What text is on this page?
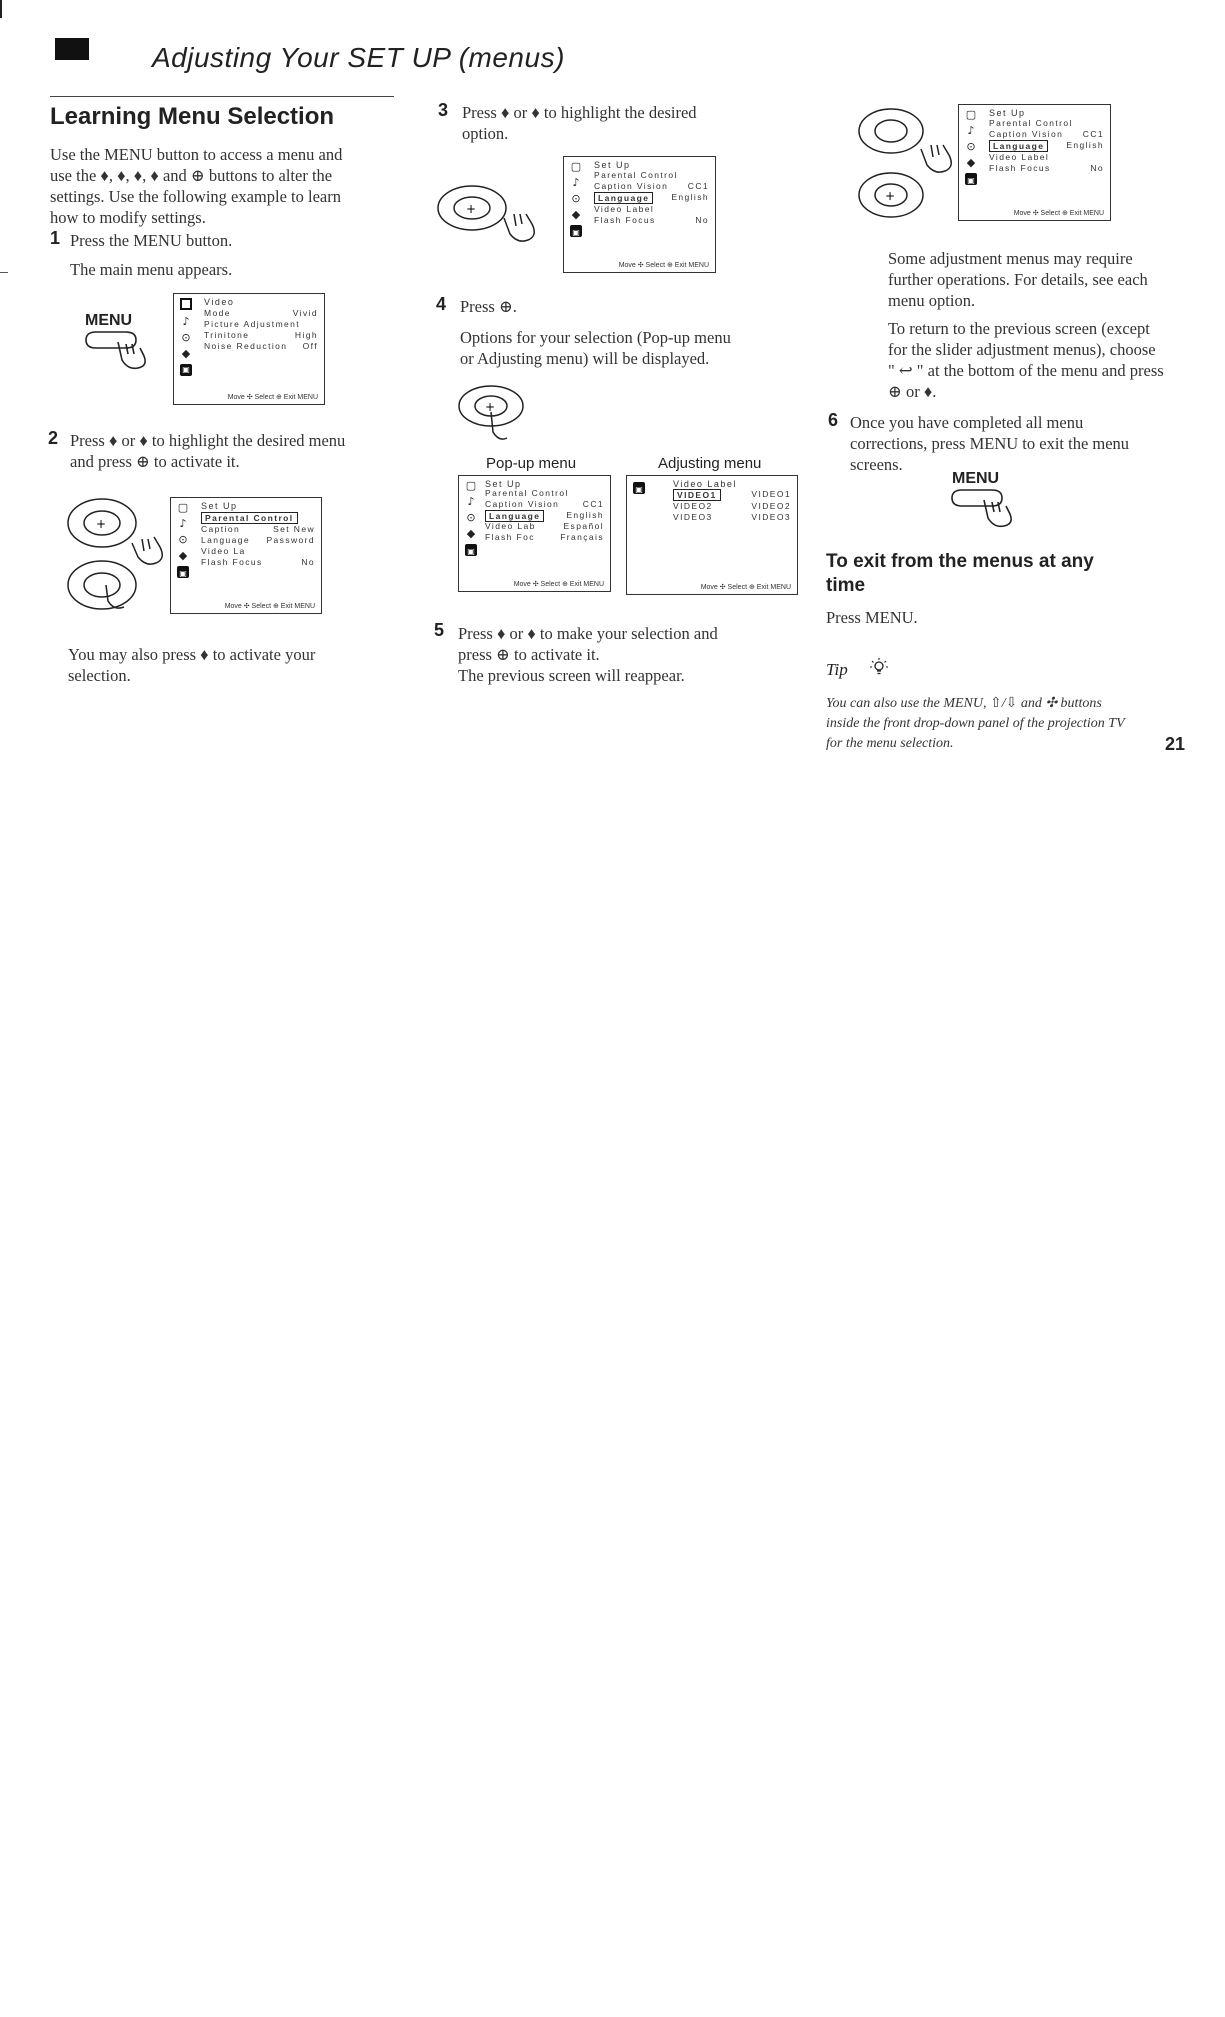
Adjusting Your SET UP (menus)
Learning Menu Selection
Use the MENU button to access a menu and
use the ♦, ♦, ♦, ♦ and ⊕ buttons to alter the
settings. Use the following example to learn
how to modify settings.
1 Press the MENU button.
The main menu appears.
MENU	♪
⊙
◆
▣
Video
Mode	Vivid
Picture Adjustment
Trinitone	High
Noise Reduction Off
Move ✣ Select ⊕ Exit MENU
2 Press ♦ or ♦ to highlight the desired menu
and press ⊕ to activate it.
+
▢
♪
⊙
◆
▣
Set Up
Parental Control
Caption	Set New
Language Password
Video La
Flash Focus	No
Move ✣ Select ⊕ Exit MENU
You may also press ♦ to activate your
selection.
3 Press ♦ or ♦ to highlight the desired
option.
+
▢
♪
⊙
◆
▣
Set Up
Parental Control
Caption Vision CC1
Language	English
Video Label
Flash Focus	No
Move ✣ Select ⊕ Exit MENU
4 Press ⊕.
Options for your selection (Pop-up menu
or Adjusting menu) will be displayed.
+
Pop-up menu	Adjusting menu
▢
♪
⊙
◆
▣
Set Up
Parental Control
Caption Vision	CC1
Language	English
Video Lab	Español
Flash Foc	Français
Move ✣ Select ⊕ Exit MENU
▣
Video Label
VIDEO1	VIDEO1
VIDEO2	VIDEO2
VIDEO3	VIDEO3
Move ✣ Select ⊕ Exit MENU
5 Press ♦ or ♦ to make your selection and
press ⊕ to activate it.
The previous screen will reappear.
+
▢
♪
⊙
◆
▣
Set Up
Parental Control
Caption Vision CC1
Language	English
Video Label
Flash Focus	No
Move ✣ Select ⊕ Exit MENU
Some adjustment menus may require
further operations. For details, see each
menu option.
To return to the previous screen (except
for the slider adjustment menus), choose
" ↩ " at the bottom of the menu and press
⊕ or ♦.
6 Once you have completed all menu
corrections, press MENU to exit the menu
screens.
MENU
To exit from the menus at any
time
Press MENU.
Tip
You can also use the MENU, ⇧/⇩ and ✣ buttons
inside the front drop-down panel of the projection TV
for the menu selection.	21
